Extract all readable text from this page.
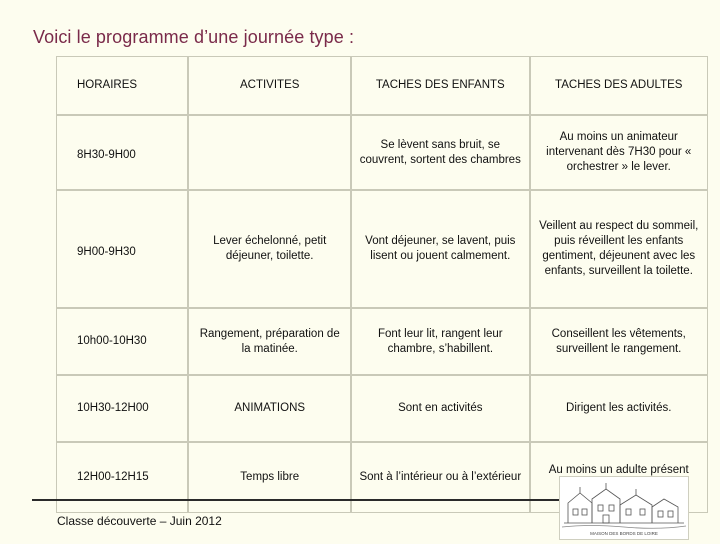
Voici le programme d’une journée type :
HORAIRES	ACTIVITES	TACHES DES ENFANTS	TACHES DES ADULTES
8H30-9H00		Se lèvent sans bruit, se couvrent, sortent des chambres	Au moins un animateur intervenant dès 7H30 pour « orchestrer » le lever.
9H00-9H30	Lever échelonné, petit déjeuner, toilette.	Vont déjeuner, se lavent, puis lisent ou jouent calmement.	Veillent au respect du sommeil, puis réveillent les enfants gentiment, déjeunent avec les enfants, surveillent la toilette.
10h00-10H30	Rangement, préparation de la matinée.	Font leur lit, rangent leur chambre, s’habillent.	Conseillent les vêtements, surveillent le rangement.
10H30-12H00	ANIMATIONS	Sont en activités	Dirigent les activités.
12H00-12H15	Temps libre	Sont à l’intérieur ou à l’extérieur	Au moins un adulte présent
Classe découverte – Juin 2012
MAISON DES BORDS DE LOIRE
